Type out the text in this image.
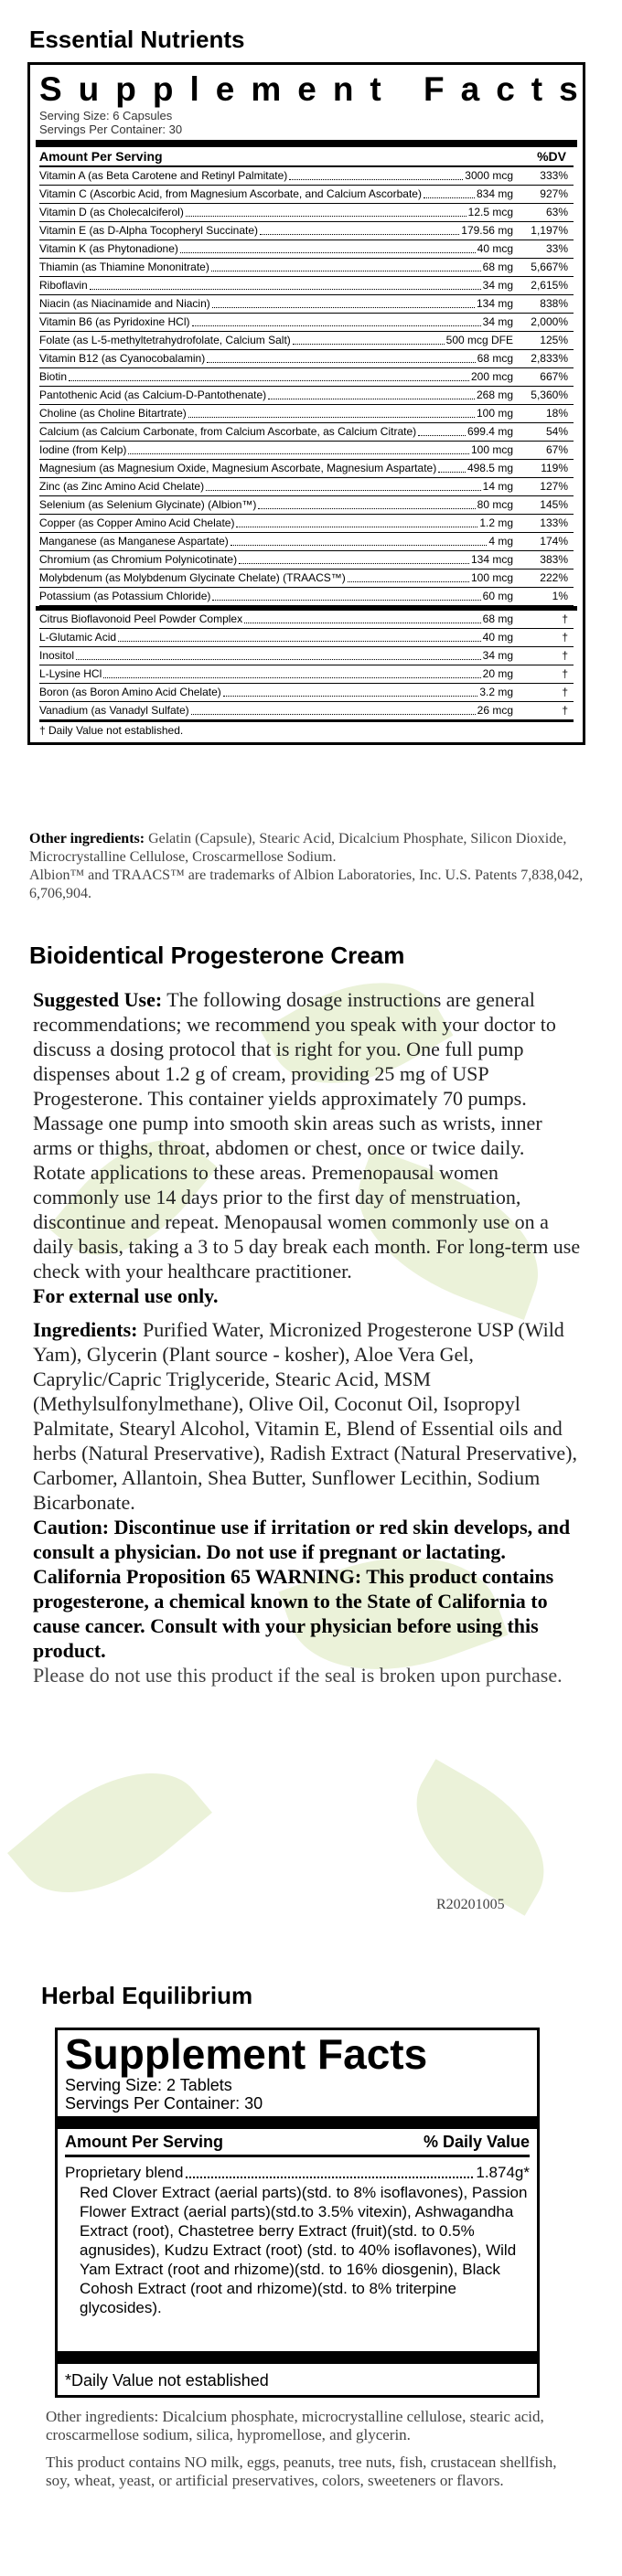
Essential Nutrients
Supplement Facts
Serving Size: 6 Capsules
Servings Per Container: 30
Amount Per Serving	%DV
Vitamin A (as Beta Carotene and Retinyl Palmitate)	3000 mcg	333%
Vitamin C (Ascorbic Acid, from Magnesium Ascorbate, and Calcium Ascorbate)	834 mg	927%
Vitamin D (as Cholecalciferol)	12.5 mcg	63%
Vitamin E (as D-Alpha Tocopheryl Succinate)	179.56 mg	1,197%
Vitamin K (as Phytonadione)	40 mcg	33%
Thiamin (as Thiamine Mononitrate)	68 mg	5,667%
Riboflavin	34 mg	2,615%
Niacin (as Niacinamide and Niacin)	134 mg	838%
Vitamin B6 (as Pyridoxine HCl)	34 mg	2,000%
Folate (as L-5-methyltetrahydrofolate, Calcium Salt)	500 mcg DFE	125%
Vitamin B12 (as Cyanocobalamin)	68 mcg	2,833%
Biotin	200 mcg	667%
Pantothenic Acid (as Calcium-D-Pantothenate)	268 mg	5,360%
Choline (as Choline Bitartrate)	100 mg	18%
Calcium (as Calcium Carbonate, from Calcium Ascorbate, as Calcium Citrate)	699.4 mg	54%
Iodine (from Kelp)	100 mcg	67%
Magnesium (as Magnesium Oxide, Magnesium Ascorbate, Magnesium Aspartate)	498.5 mg	119%
Zinc (as Zinc Amino Acid Chelate)	14 mg	127%
Selenium (as Selenium Glycinate) (Albion™)	80 mcg	145%
Copper (as Copper Amino Acid Chelate)	1.2 mg	133%
Manganese (as Manganese Aspartate)	4 mg	174%
Chromium (as Chromium Polynicotinate)	134 mcg	383%
Molybdenum (as Molybdenum Glycinate Chelate) (TRAACS™)	100 mcg	222%
Potassium (as Potassium Chloride)	60 mg	1%
Citrus Bioflavonoid Peel Powder Complex	68 mg	†
L-Glutamic Acid	40 mg	†
Inositol	34 mg	†
L-Lysine HCl	20 mg	†
Boron (as Boron Amino Acid Chelate)	3.2 mg	†
Vanadium (as Vanadyl Sulfate)	26 mcg	†
† Daily Value not established.
Other ingredients: Gelatin (Capsule), Stearic Acid, Dicalcium Phosphate, Silicon Dioxide, Microcrystalline Cellulose, Croscarmellose Sodium.
Albion™ and TRAACS™ are trademarks of Albion Laboratories, Inc. U.S. Patents 7,838,042, 6,706,904.
Bioidentical Progesterone Cream

Suggested Use: The following dosage instructions are general recommendations; we recommend you speak with your doctor to discuss a dosing protocol that is right for you. One full pump dispenses about 1.2 g of cream, providing 25 mg of USP Progesterone. This container yields approximately 70 pumps. Massage one pump into smooth skin areas such as wrists, inner arms or thighs, throat, abdomen or chest, once or twice daily. Rotate applications to these areas. Premenopausal women commonly use 14 days prior to the first day of menstruation, discontinue and repeat. Menopausal women commonly use on a daily basis, taking a 3 to 5 day break each month. For long-term use check with your healthcare practitioner.

For external use only.

Ingredients: Purified Water, Micronized Progesterone USP (Wild Yam), Glycerin (Plant source - kosher), Aloe Vera Gel, Caprylic/Capric Triglyceride, Stearic Acid, MSM (Methylsulfonylmethane), Olive Oil, Coconut Oil, Isopropyl Palmitate, Stearyl Alcohol, Vitamin E, Blend of Essential oils and herbs (Natural Preservative), Radish Extract (Natural Preservative), Carbomer, Allantoin, Shea Butter, Sunflower Lecithin, Sodium Bicarbonate.

Caution: Discontinue use if irritation or red skin develops, and consult a physician. Do not use if pregnant or lactating.

California Proposition 65 WARNING: This product contains progesterone, a chemical known to the State of California to cause cancer. Consult with your physician before using this product.

Please do not use this product if the seal is broken upon purchase.

R20201005
Herbal Equilibrium
Supplement Facts
Serving Size: 2 Tablets
Servings Per Container: 30
Amount Per Serving	% Daily Value
Proprietary blend	1.874g*
Red Clover Extract (aerial parts)(std. to 8% isoflavones), Passion Flower Extract (aerial parts)(std.to 3.5% vitexin), Ashwagandha Extract (root), Chastetree berry Extract (fruit)(std. to 0.5% agnusides), Kudzu Extract (root) (std. to 40% isoflavones), Wild Yam Extract (root and rhizome)(std. to 16% diosgenin), Black Cohosh Extract (root and rhizome)(std. to 8% triterpine glycosides).
*Daily Value not established

Other ingredients: Dicalcium phosphate, microcrystalline cellulose, stearic acid, croscarmellose sodium, silica, hypromellose, and glycerin.

This product contains NO milk, eggs, peanuts, tree nuts, fish, crustacean shellfish, soy, wheat, yeast, or artificial preservatives, colors, sweeteners or flavors.
